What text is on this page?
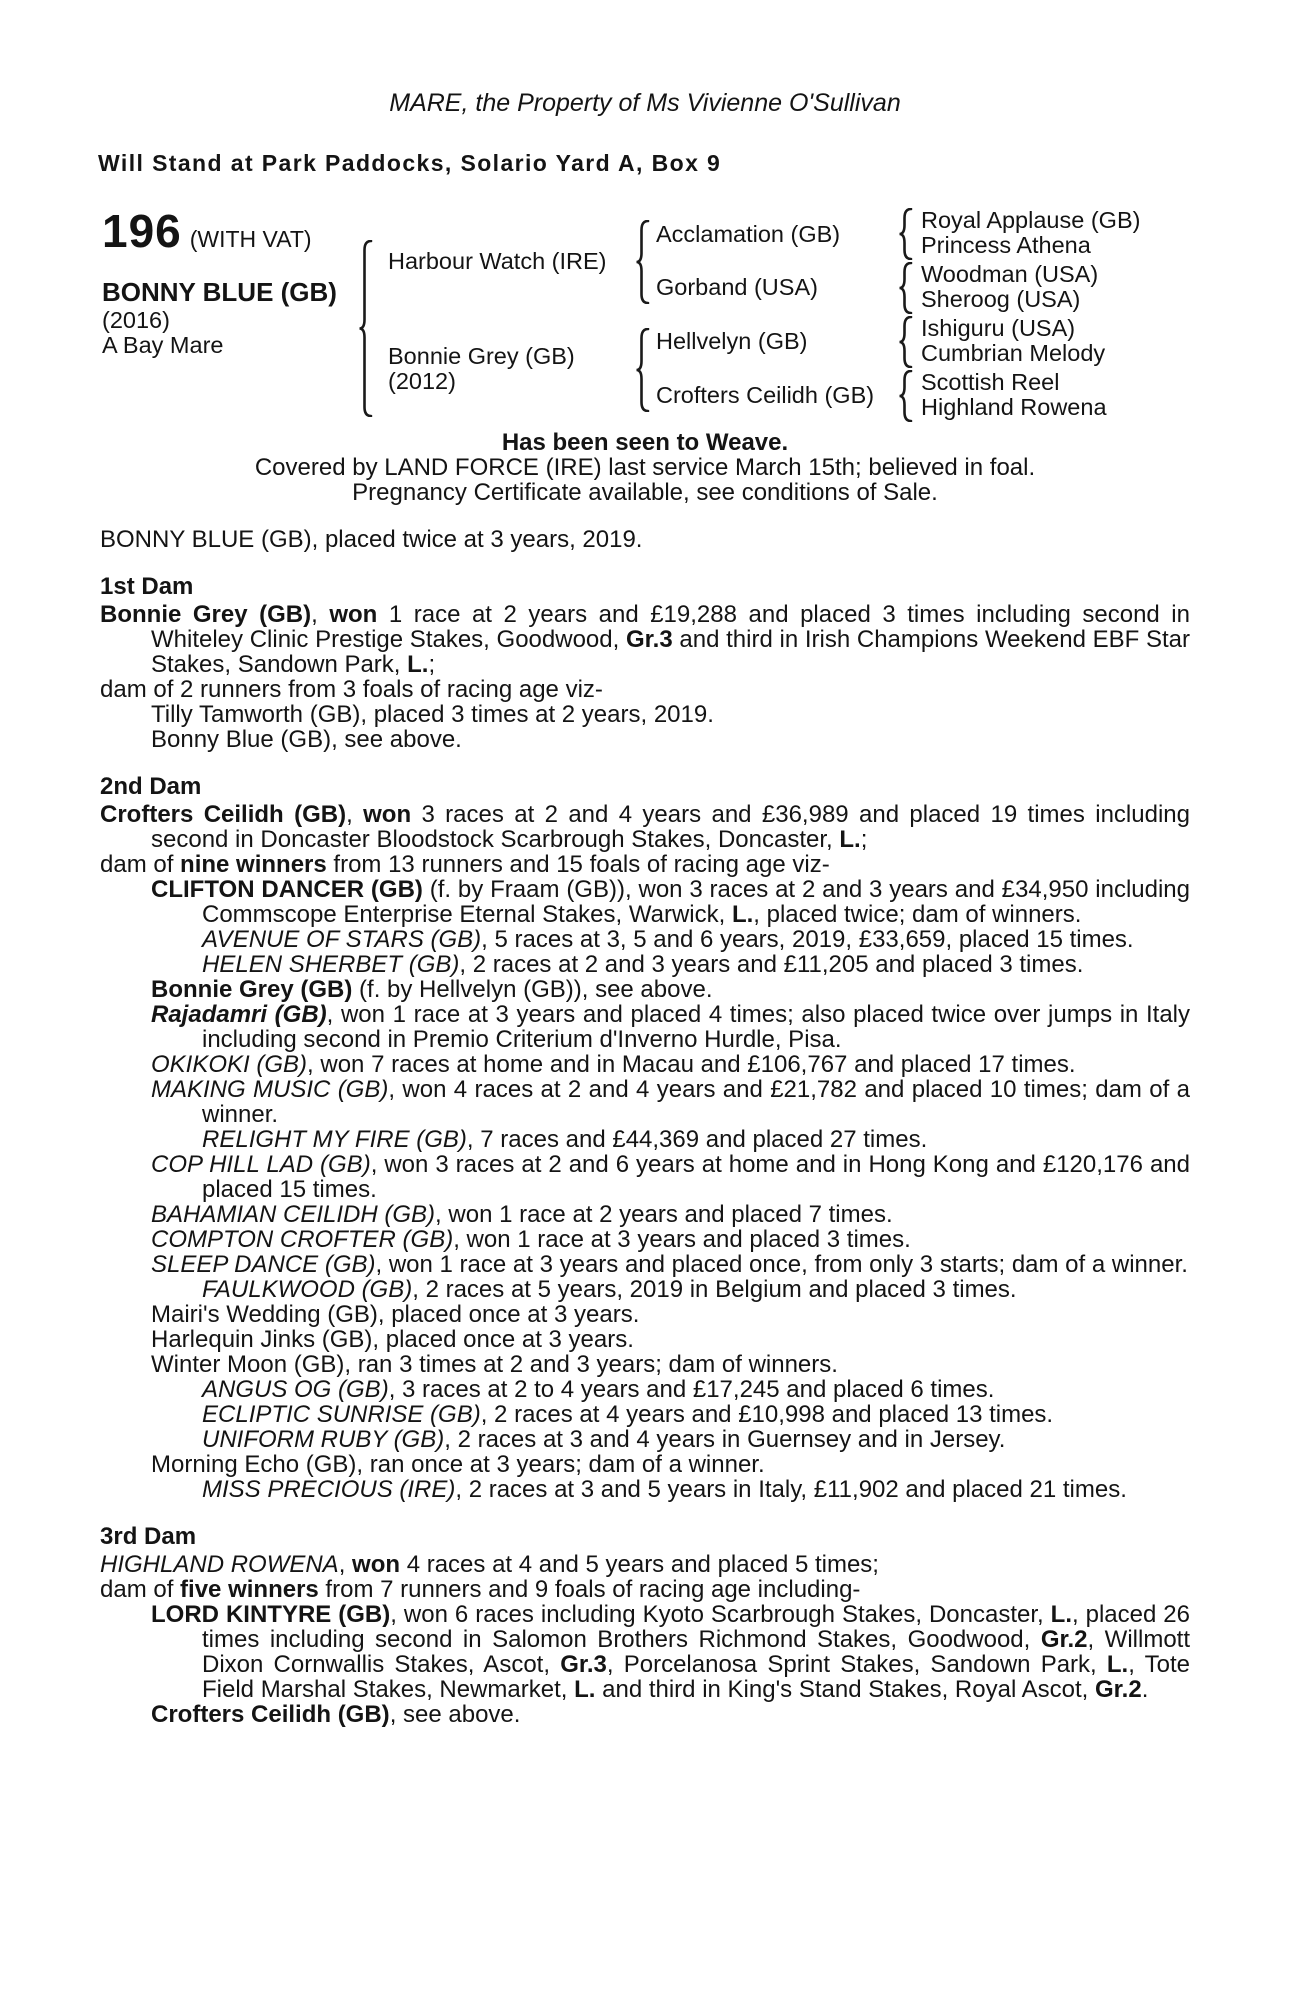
MARE, the Property of Ms Vivienne O'Sullivan
Will Stand at Park Paddocks, Solario Yard A, Box 9
196 (WITH VAT)
BONNY BLUE (GB)
(2016)
A Bay Mare
Harbour Watch (IRE)
Bonnie Grey (GB)
(2012)
Acclamation (GB)
Gorband (USA)
Hellvelyn (GB)
Crofters Ceilidh (GB)
Royal Applause (GB)
Princess Athena
Woodman (USA)
Sheroog (USA)
Ishiguru (USA)
Cumbrian Melody
Scottish Reel
Highland Rowena
Has been seen to Weave.
Covered by LAND FORCE (IRE) last service March 15th; believed in foal.
Pregnancy Certificate available, see conditions of Sale.

BONNY BLUE (GB), placed twice at 3 years, 2019.

1st Dam

Bonnie Grey (GB), won 1 race at 2 years and £19,288 and placed 3 times including second in Whiteley Clinic Prestige Stakes, Goodwood, Gr.3 and third in Irish Champions Weekend EBF Star Stakes, Sandown Park, L.;

dam of 2 runners from 3 foals of racing age viz-

Tilly Tamworth (GB), placed 3 times at 2 years, 2019.

Bonny Blue (GB), see above.

2nd Dam

Crofters Ceilidh (GB), won 3 races at 2 and 4 years and £36,989 and placed 19 times including second in Doncaster Bloodstock Scarbrough Stakes, Doncaster, L.;

dam of nine winners from 13 runners and 15 foals of racing age viz-

CLIFTON DANCER (GB) (f. by Fraam (GB)), won 3 races at 2 and 3 years and £34,950 including Commscope Enterprise Eternal Stakes, Warwick, L., placed twice; dam of winners.

AVENUE OF STARS (GB), 5 races at 3, 5 and 6 years, 2019, £33,659, placed 15 times.

HELEN SHERBET (GB), 2 races at 2 and 3 years and £11,205 and placed 3 times.

Bonnie Grey (GB) (f. by Hellvelyn (GB)), see above.

Rajadamri (GB), won 1 race at 3 years and placed 4 times; also placed twice over jumps in Italy including second in Premio Criterium d'Inverno Hurdle, Pisa.

OKIKOKI (GB), won 7 races at home and in Macau and £106,767 and placed 17 times.

MAKING MUSIC (GB), won 4 races at 2 and 4 years and £21,782 and placed 10 times; dam of a winner.

RELIGHT MY FIRE (GB), 7 races and £44,369 and placed 27 times.

COP HILL LAD (GB), won 3 races at 2 and 6 years at home and in Hong Kong and £120,176 and placed 15 times.

BAHAMIAN CEILIDH (GB), won 1 race at 2 years and placed 7 times.

COMPTON CROFTER (GB), won 1 race at 3 years and placed 3 times.

SLEEP DANCE (GB), won 1 race at 3 years and placed once, from only 3 starts; dam of a winner.

FAULKWOOD (GB), 2 races at 5 years, 2019 in Belgium and placed 3 times.

Mairi's Wedding (GB), placed once at 3 years.

Harlequin Jinks (GB), placed once at 3 years.

Winter Moon (GB), ran 3 times at 2 and 3 years; dam of winners.

ANGUS OG (GB), 3 races at 2 to 4 years and £17,245 and placed 6 times.

ECLIPTIC SUNRISE (GB), 2 races at 4 years and £10,998 and placed 13 times.

UNIFORM RUBY (GB), 2 races at 3 and 4 years in Guernsey and in Jersey.

Morning Echo (GB), ran once at 3 years; dam of a winner.

MISS PRECIOUS (IRE), 2 races at 3 and 5 years in Italy, £11,902 and placed 21 times.

3rd Dam

HIGHLAND ROWENA, won 4 races at 4 and 5 years and placed 5 times;

dam of five winners from 7 runners and 9 foals of racing age including-

LORD KINTYRE (GB), won 6 races including Kyoto Scarbrough Stakes, Doncaster, L., placed 26 times including second in Salomon Brothers Richmond Stakes, Goodwood, Gr.2, Willmott Dixon Cornwallis Stakes, Ascot, Gr.3, Porcelanosa Sprint Stakes, Sandown Park, L., Tote Field Marshal Stakes, Newmarket, L. and third in King's Stand Stakes, Royal Ascot, Gr.2.

Crofters Ceilidh (GB), see above.
